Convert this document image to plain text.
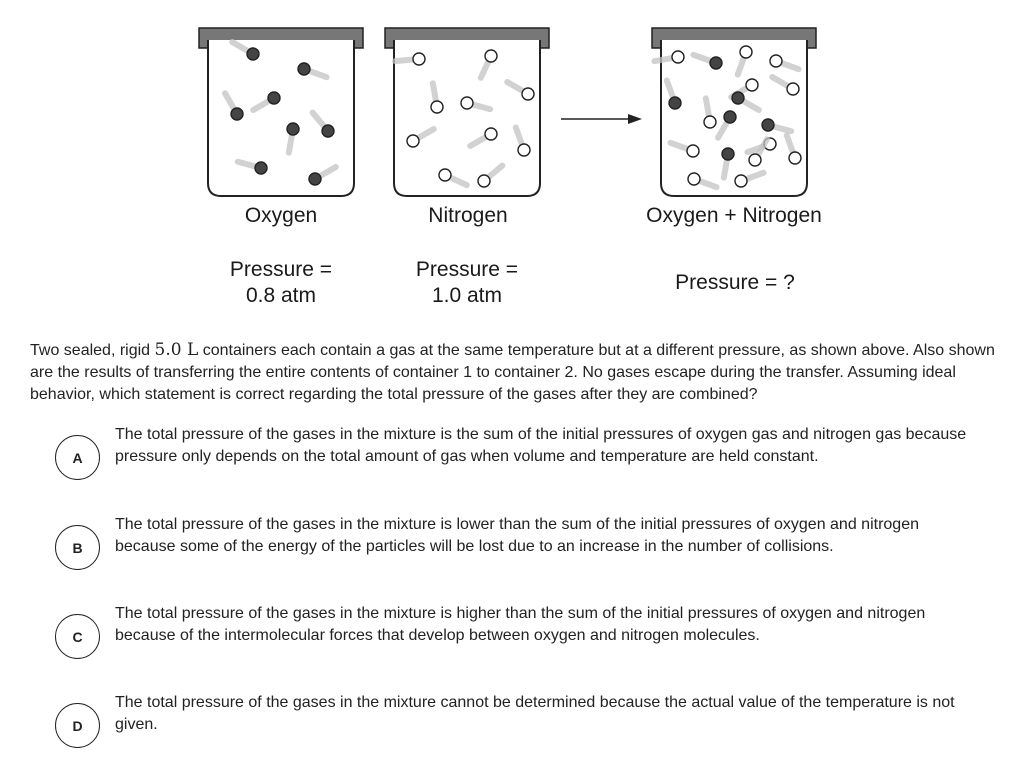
Oxygen	Nitrogen	Oxygen + Nitrogen
Pressure =
0.8 atm
Pressure =
1.0 atm
Pressure = ?
Two sealed, rigid 5.0 L containers each contain a gas at the same temperature but at a different pressure, as shown above. Also shown are the results of transferring the entire contents of container 1 to container 2. No gases escape during the transfer. Assuming ideal behavior, which statement is correct regarding the total pressure of the gases after they are combined?
A
The total pressure of the gases in the mixture is the sum of the initial pressures of oxygen gas and nitrogen gas because pressure only depends on the total amount of gas when volume and temperature are held constant.
B
The total pressure of the gases in the mixture is lower than the sum of the initial pressures of oxygen and nitrogen because some of the energy of the particles will be lost due to an increase in the number of collisions.
C
The total pressure of the gases in the mixture is higher than the sum of the initial pressures of oxygen and nitrogen because of the intermolecular forces that develop between oxygen and nitrogen molecules.
D
The total pressure of the gases in the mixture cannot be determined because the actual value of the temperature is not given.
